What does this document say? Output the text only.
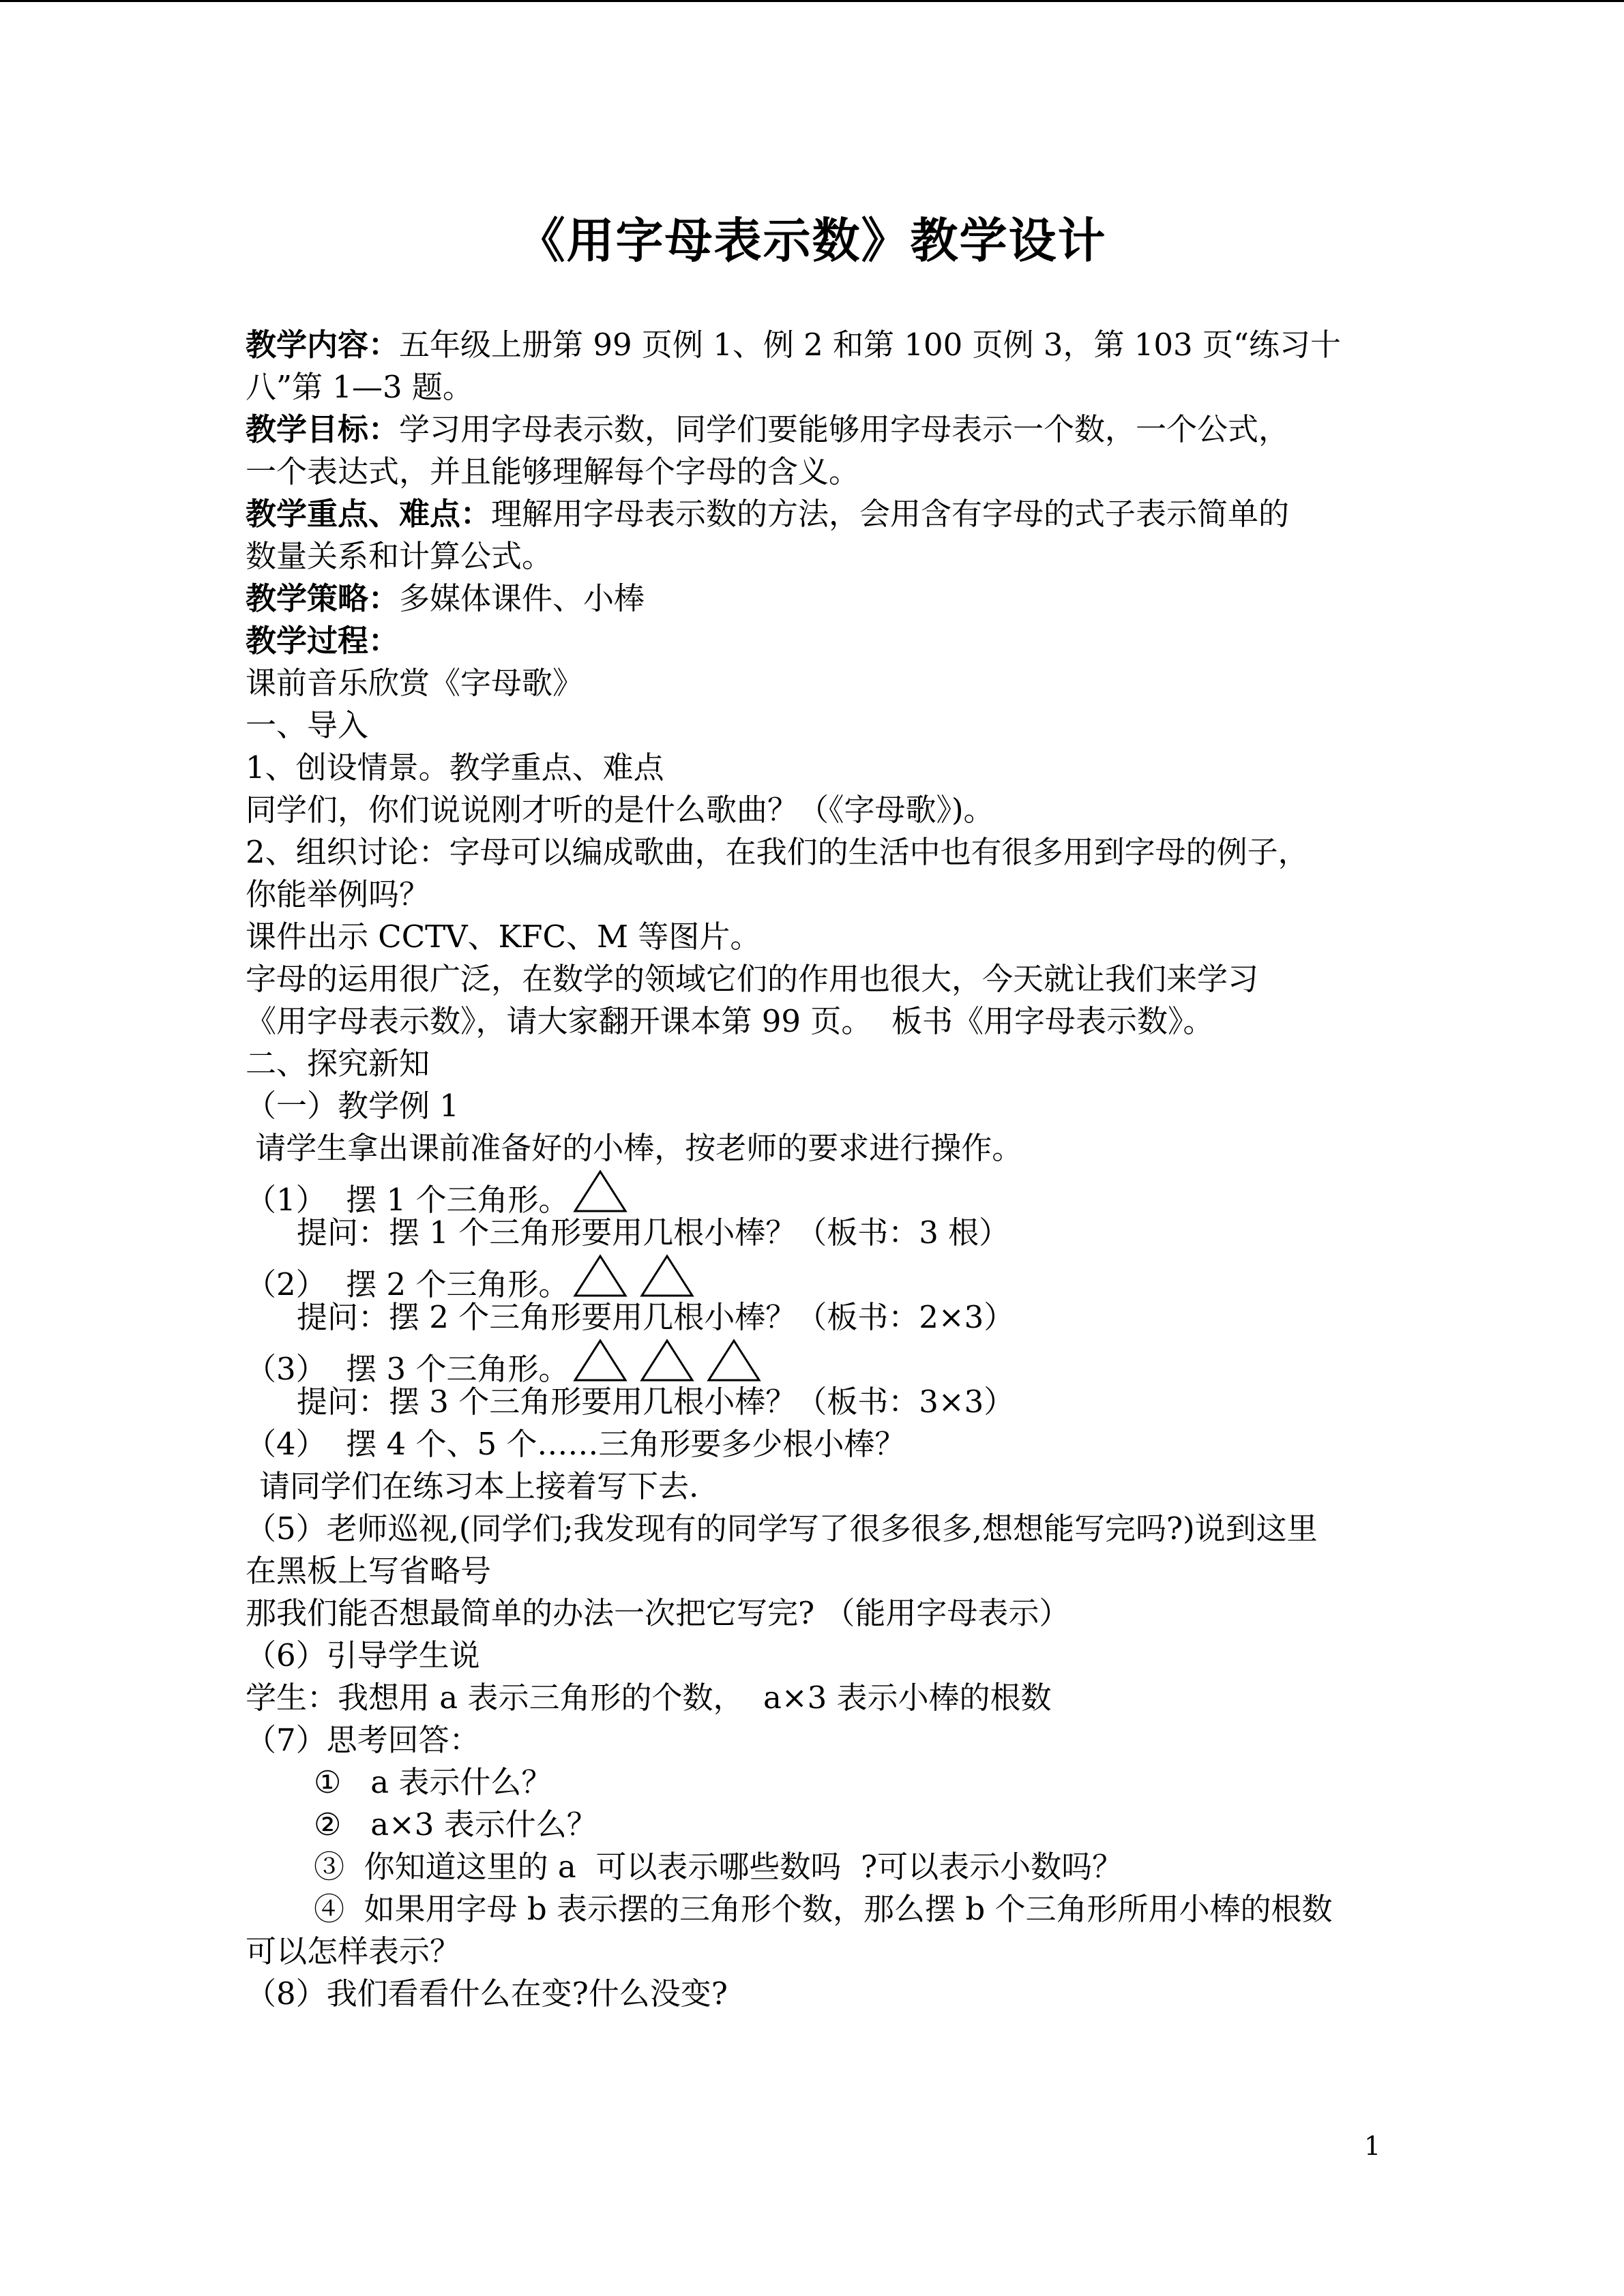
《用字母表示数》教学设计
教学内容：五年级上册第 99 页例 1、例 2 和第 100 页例 3，第 103 页“练习十
八”第 1—3 题。
教学目标：学习用字母表示数，同学们要能够用字母表示一个数，一个公式，
一个表达式，并且能够理解每个字母的含义。
教学重点、难点：理解用字母表示数的方法，会用含有字母的式子表示简单的
数量关系和计算公式。
教学策略：多媒体课件、小棒
教学过程：
课前音乐欣赏《字母歌》
一、导入
1、创设情景。教学重点、难点
同学们，你们说说刚才听的是什么歌曲？（《字母歌》)。
2、组织讨论：字母可以编成歌曲，在我们的生活中也有很多用到字母的例子，
你能举例吗？
课件出示 CCTV、KFC、M 等图片。
字母的运用很广泛，在数学的领域它们的作用也很大，今天就让我们来学习
《用字母表示数》，请大家翻开课本第 99 页。  板书《用字母表示数》。
二、探究新知
（一）教学例 1
请学生拿出课前准备好的小棒，按老师的要求进行操作。
（1）  摆 1 个三角形。
提问：摆 1 个三角形要用几根小棒？（板书：3 根）
（2）  摆 2 个三角形。
提问：摆 2 个三角形要用几根小棒？（板书：2×3）
（3）  摆 3 个三角形。
提问：摆 3 个三角形要用几根小棒？（板书：3×3）
（4）  摆 4 个、5 个……三角形要多少根小棒？
请同学们在练习本上接着写下去.
（5）老师巡视,(同学们;我发现有的同学写了很多很多,想想能写完吗?)说到这里
在黑板上写省略号
那我们能否想最简单的办法一次把它写完? （能用字母表示）
（6）引导学生说
学生：我想用 a 表示三角形的个数，  a×3 表示小棒的根数
（7）思考回答：
①   a 表示什么？
②   a×3 表示什么？
③  你知道这里的 a  可以表示哪些数吗  ?可以表示小数吗？
④  如果用字母 b 表示摆的三角形个数，那么摆 b 个三角形所用小棒的根数
可以怎样表示？
（8）我们看看什么在变?什么没变?
1
